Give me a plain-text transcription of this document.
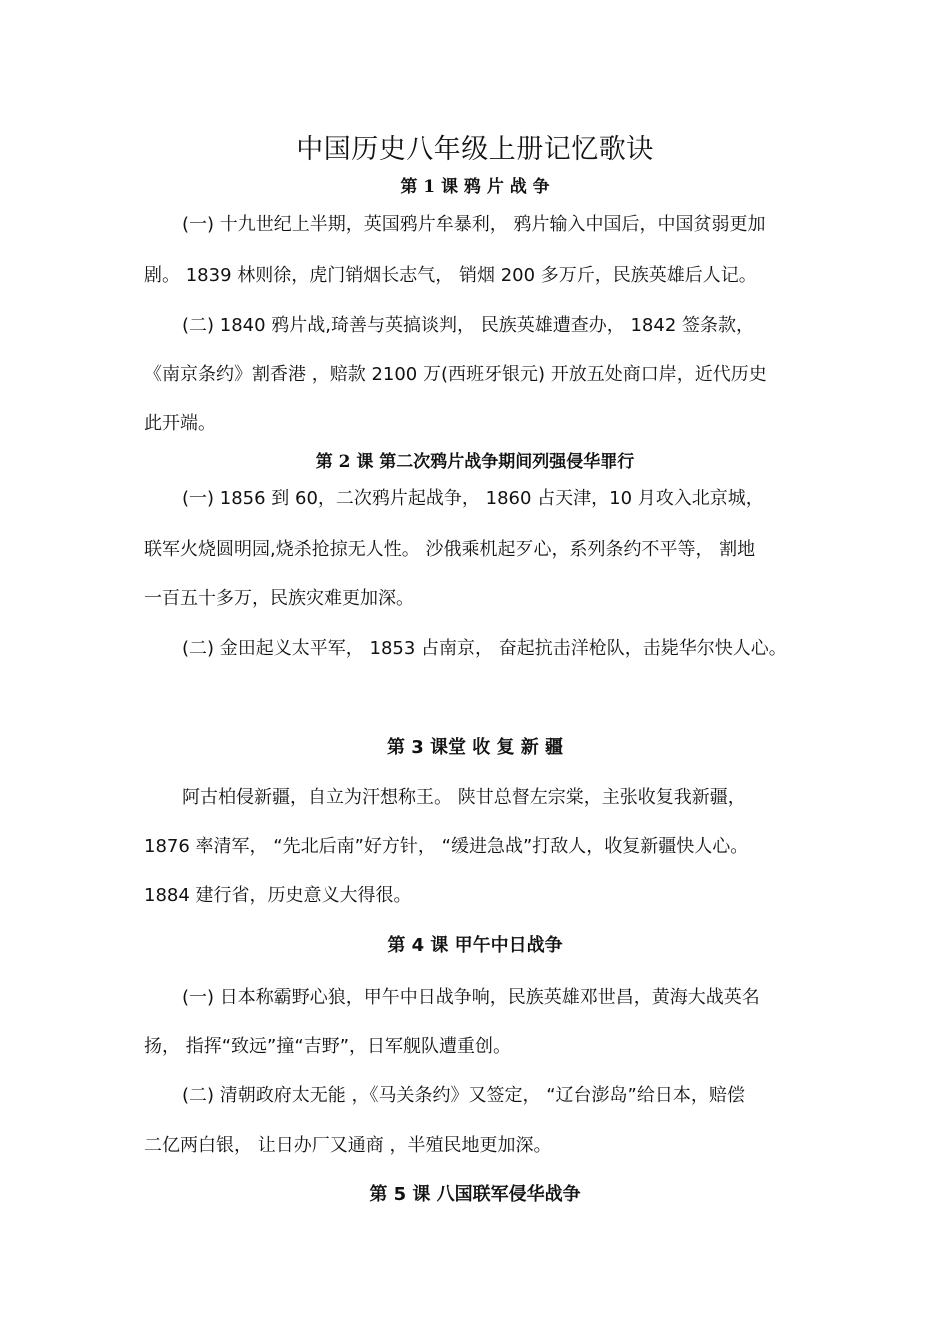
中国历史八年级上册记忆歌诀
第 1 课 鸦 片 战 争
(一) 十九世纪上半期，英国鸦片牟暴利， 鸦片输入中国后，中国贫弱更加
剧。 1839 林则徐，虎门销烟长志气， 销烟 200 多万斤，民族英雄后人记。
(二) 1840 鸦片战,琦善与英搞谈判， 民族英雄遭查办， 1842 签条款，
《南京条约》割香港 ，赔款 2100 万(西班牙银元) 开放五处商口岸，近代历史
此开端。
第 2 课 第二次鸦片战争期间列强侵华罪行
(一) 1856 到 60，二次鸦片起战争， 1860 占天津，10 月攻入北京城，
联军火烧圆明园,烧杀抢掠无人性。 沙俄乘机起歹心，系列条约不平等， 割地
一百五十多万，民族灾难更加深。
(二) 金田起义太平军， 1853 占南京， 奋起抗击洋枪队，击毙华尔快人心。
第 3 课堂 收 复 新 疆
阿古柏侵新疆，自立为汗想称王。 陕甘总督左宗棠，主张收复我新疆，
1876 率清军， “先北后南”好方针， “缓进急战”打敌人，收复新疆快人心。
1884 建行省，历史意义大得很。
第 4 课 甲午中日战争
(一) 日本称霸野心狼，甲午中日战争响，民族英雄邓世昌，黄海大战英名
扬， 指挥“致远”撞“吉野”，日军舰队遭重创。
(二) 清朝政府太无能 ，《马关条约》又签定， “辽台澎岛”给日本，赔偿
二亿两白银， 让日办厂又通商 ，半殖民地更加深。
第 5 课 八国联军侵华战争
